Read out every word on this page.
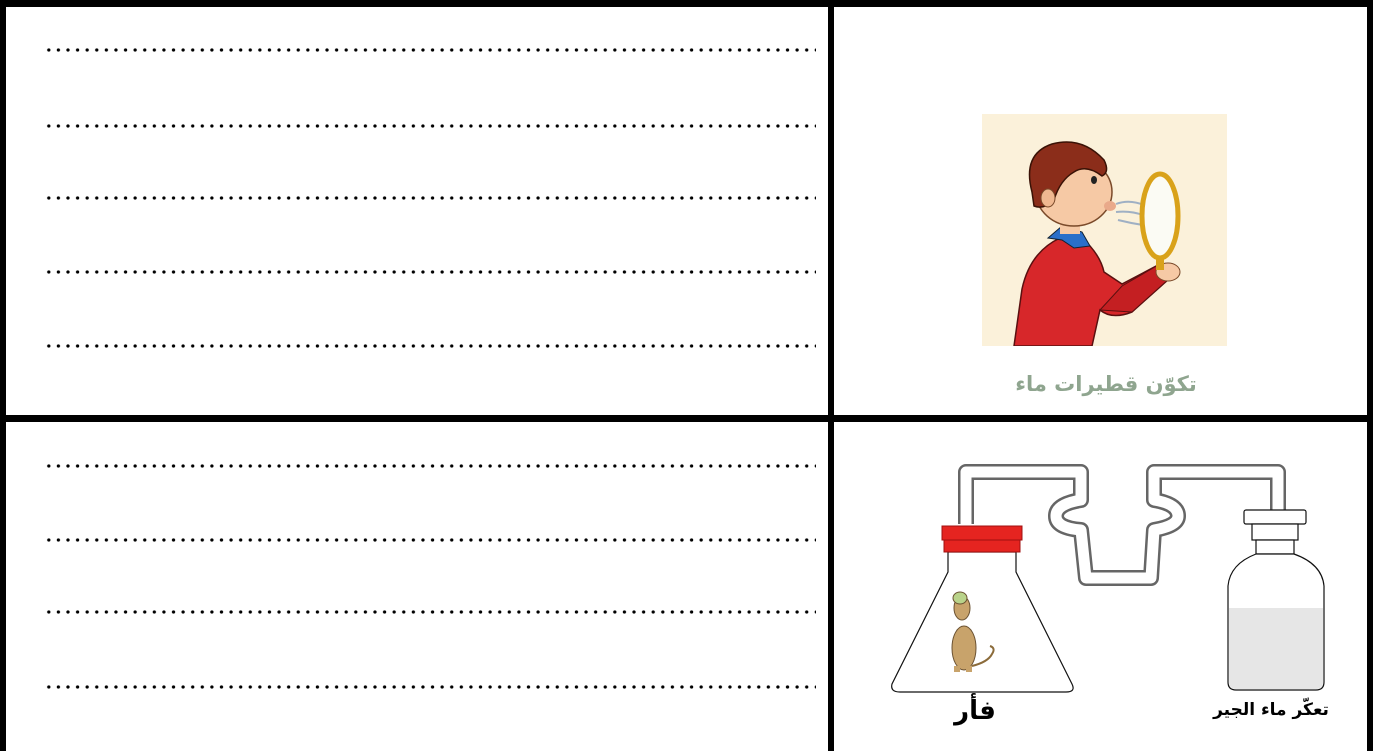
تكوّن قطيرات ماء
فأر	تعكّر ماء الجير
